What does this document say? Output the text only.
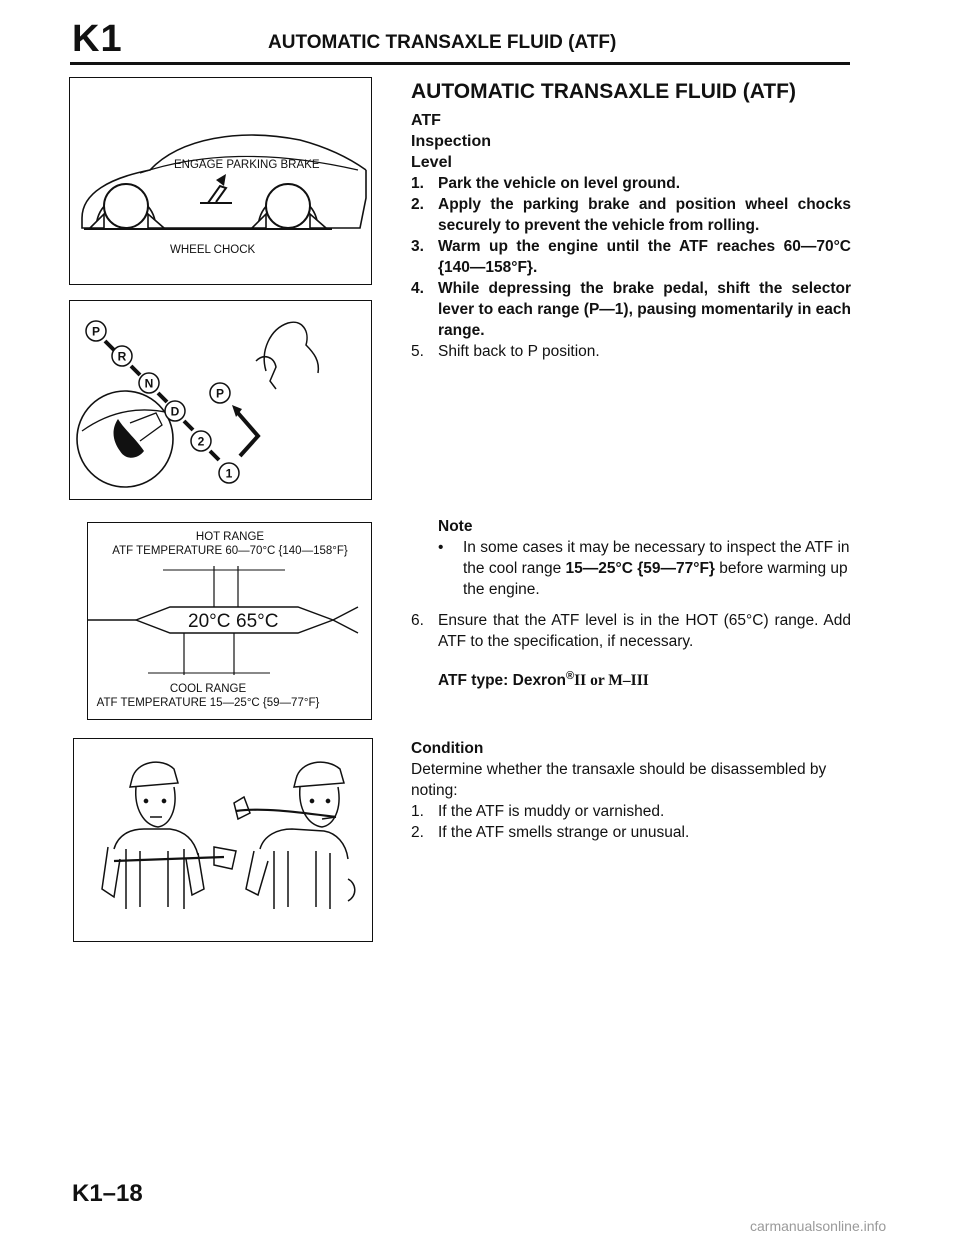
K1	AUTOMATIC TRANSAXLE FLUID (ATF)
ENGAGE PARKING BRAKE
WHEEL CHOCK
P
R
N
D
2
1
P
HOT RANGE
ATF TEMPERATURE 60—70°C {140—158°F}
20°C 65°C
COOL RANGE
ATF TEMPERATURE 15—25°C {59—77°F}
AUTOMATIC TRANSAXLE FLUID (ATF)
ATF
Inspection
Level
1. Park the vehicle on level ground.
2. Apply the parking brake and position wheel chocks securely to prevent the vehicle from rolling.
3. Warm up the engine until the ATF reaches 60—70°C {140—158°F}.
4. While depressing the brake pedal, shift the selector lever to each range (P—1), pausing momentarily in each range.
5. Shift back to P position.
Note
• In some cases it may be necessary to inspect the ATF in the cool range 15—25°C {59—77°F} before warming up the engine.
6. Ensure that the ATF level is in the HOT (65°C) range. Add ATF to the specification, if necessary.
ATF type: Dexron®II or M–III
Condition
Determine whether the transaxle should be disassembled by noting:
1. If the ATF is muddy or varnished.
2. If the ATF smells strange or unusual.
K1–18
carmanualsonline.info
